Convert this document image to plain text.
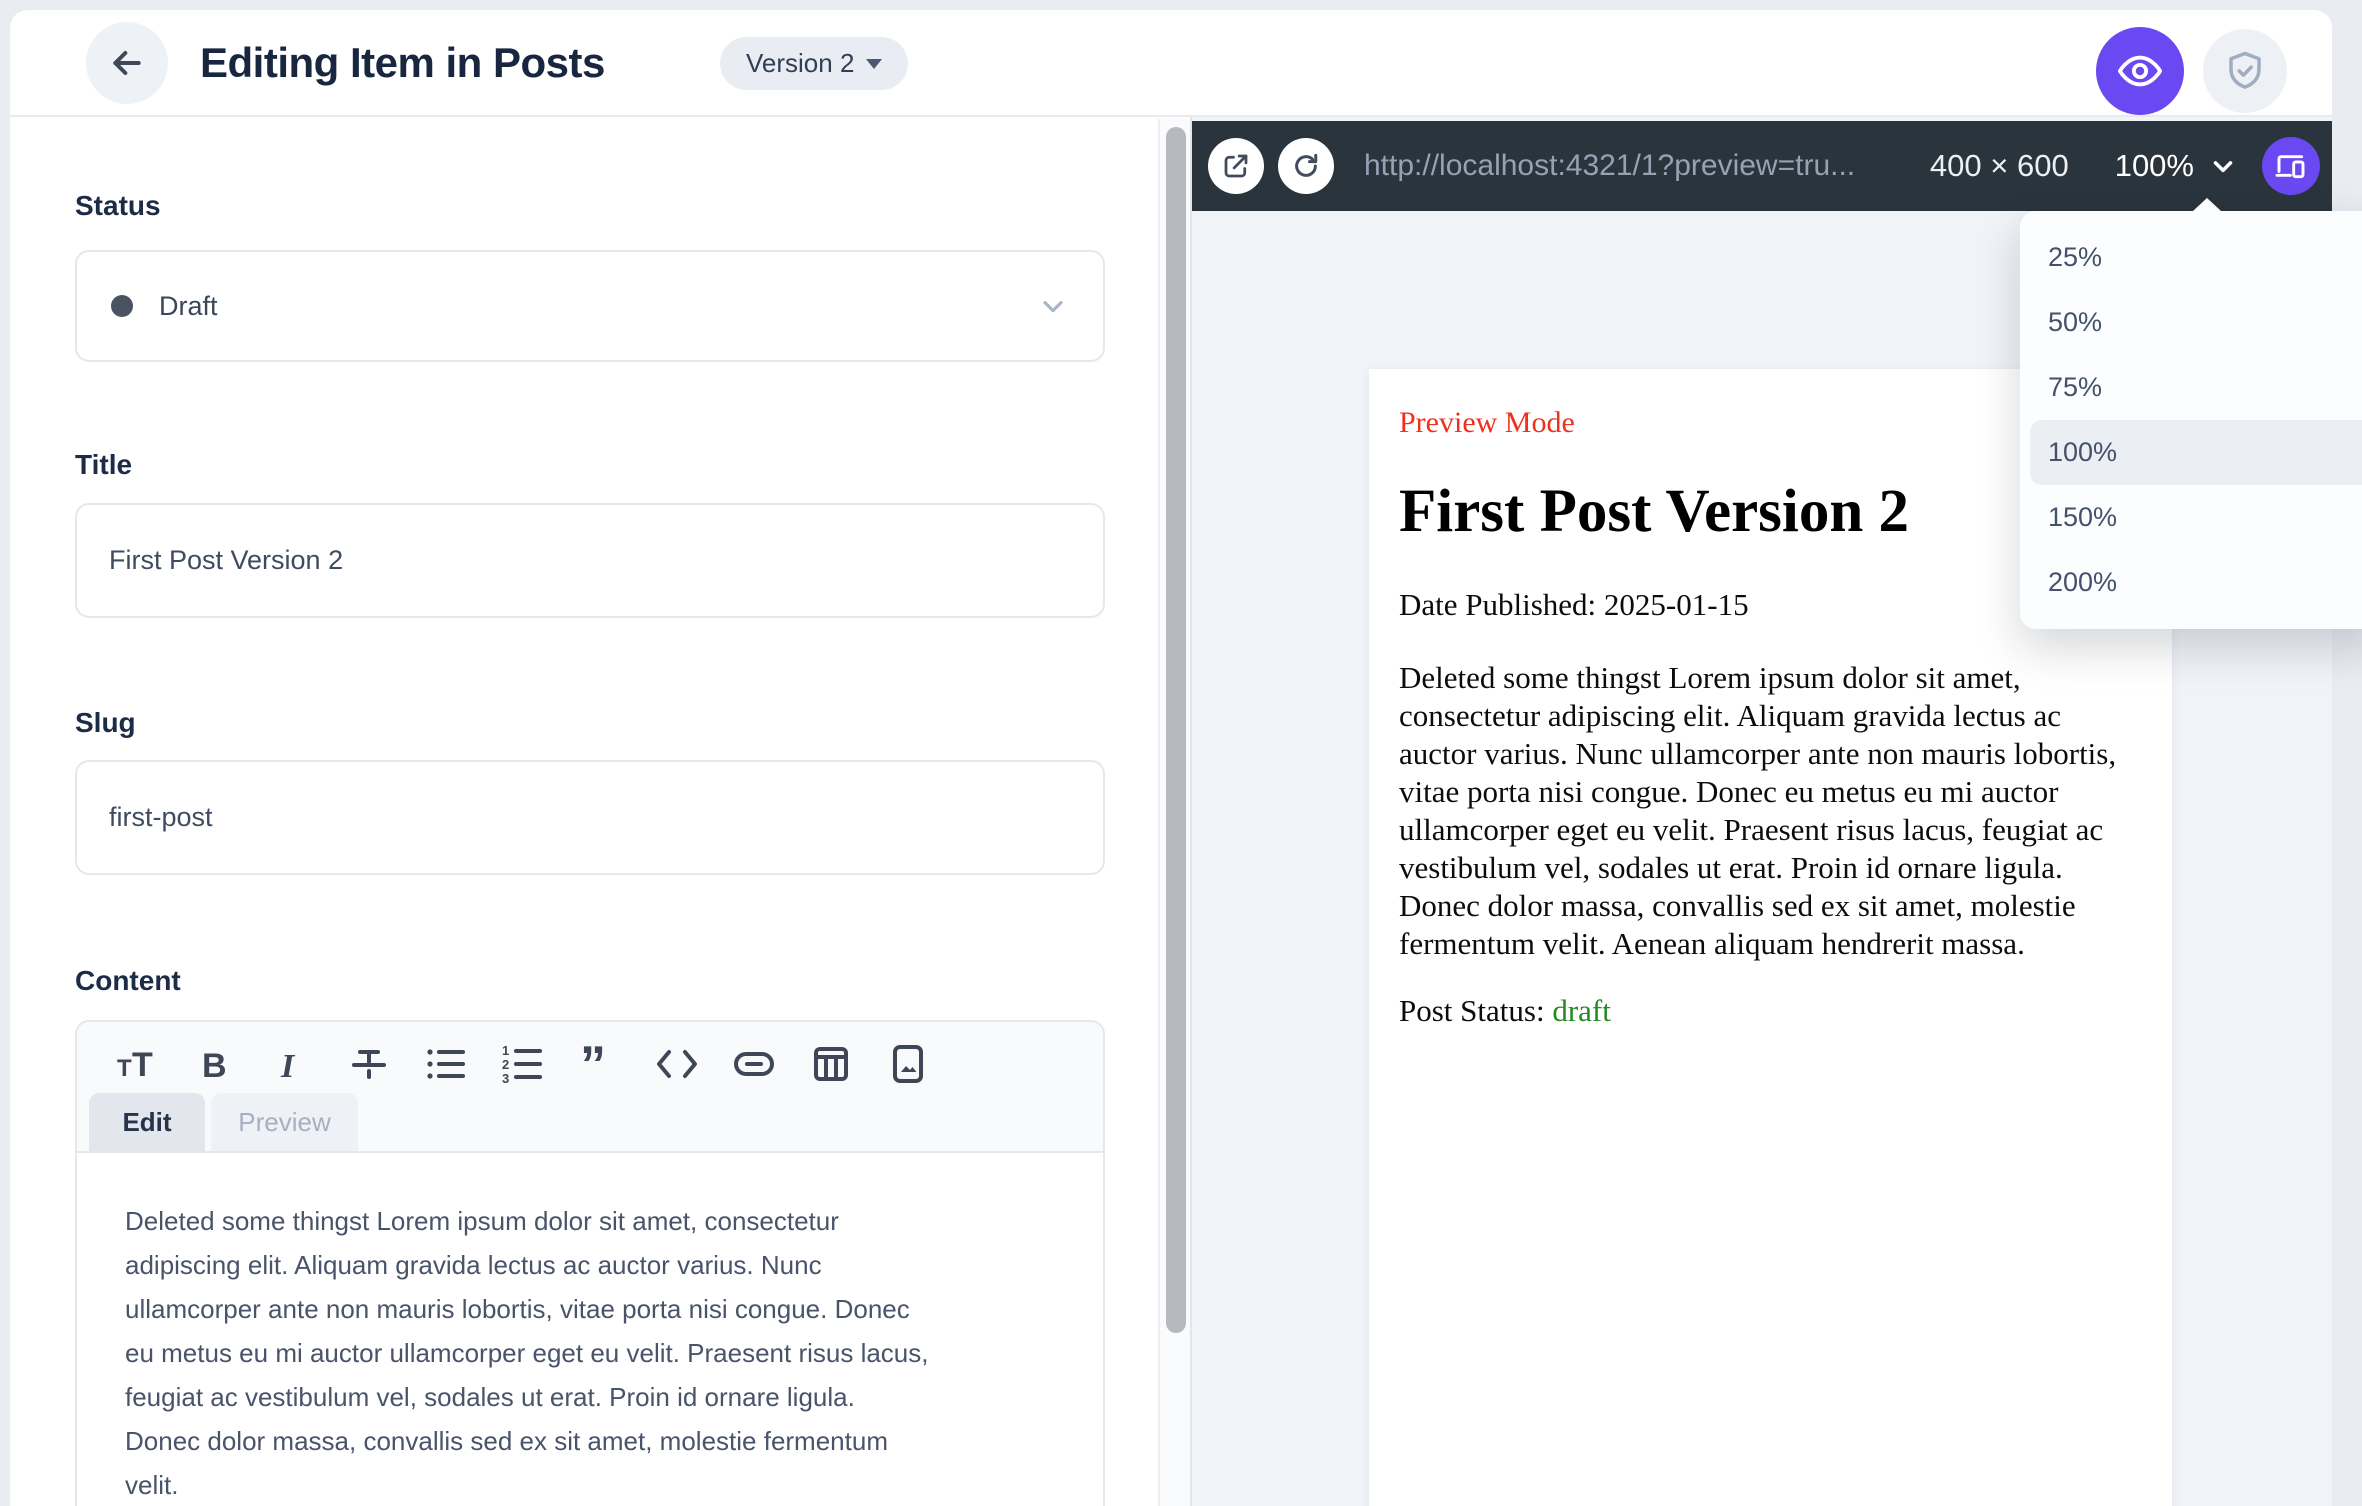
Editing Item in Posts	Version 2
Status
Draft
Title
First Post Version 2
Slug
first-post
Content
T T B I	1
2
3 ”
Edit	Preview
Deleted some thingst Lorem ipsum dolor sit amet, consectetur adipiscing elit. Aliquam gravida lectus ac auctor varius. Nunc ullamcorper ante non mauris lobortis, vitae porta nisi congue. Donec eu metus eu mi auctor ullamcorper eget eu velit. Praesent risus lacus, feugiat ac vestibulum vel, sodales ut erat. Proin id ornare ligula. Donec dolor massa, convallis sed ex sit amet, molestie fermentum velit.
http://localhost:4321/1?preview=tru... 400 × 600 100%
Preview Mode
First Post Version 2
Date Published: 2025-01-15
Deleted some thingst Lorem ipsum dolor sit amet, consectetur adipiscing elit. Aliquam gravida lectus ac auctor varius. Nunc ullamcorper ante non mauris lobortis, vitae porta nisi congue. Donec eu metus eu mi auctor ullamcorper eget eu velit. Praesent risus lacus, feugiat ac vestibulum vel, sodales ut erat. Proin id ornare ligula. Donec dolor massa, convallis sed ex sit amet, molestie fermentum velit. Aenean aliquam hendrerit massa.
Post Status: draft
25%
50%
75%
100%
150%
200%
